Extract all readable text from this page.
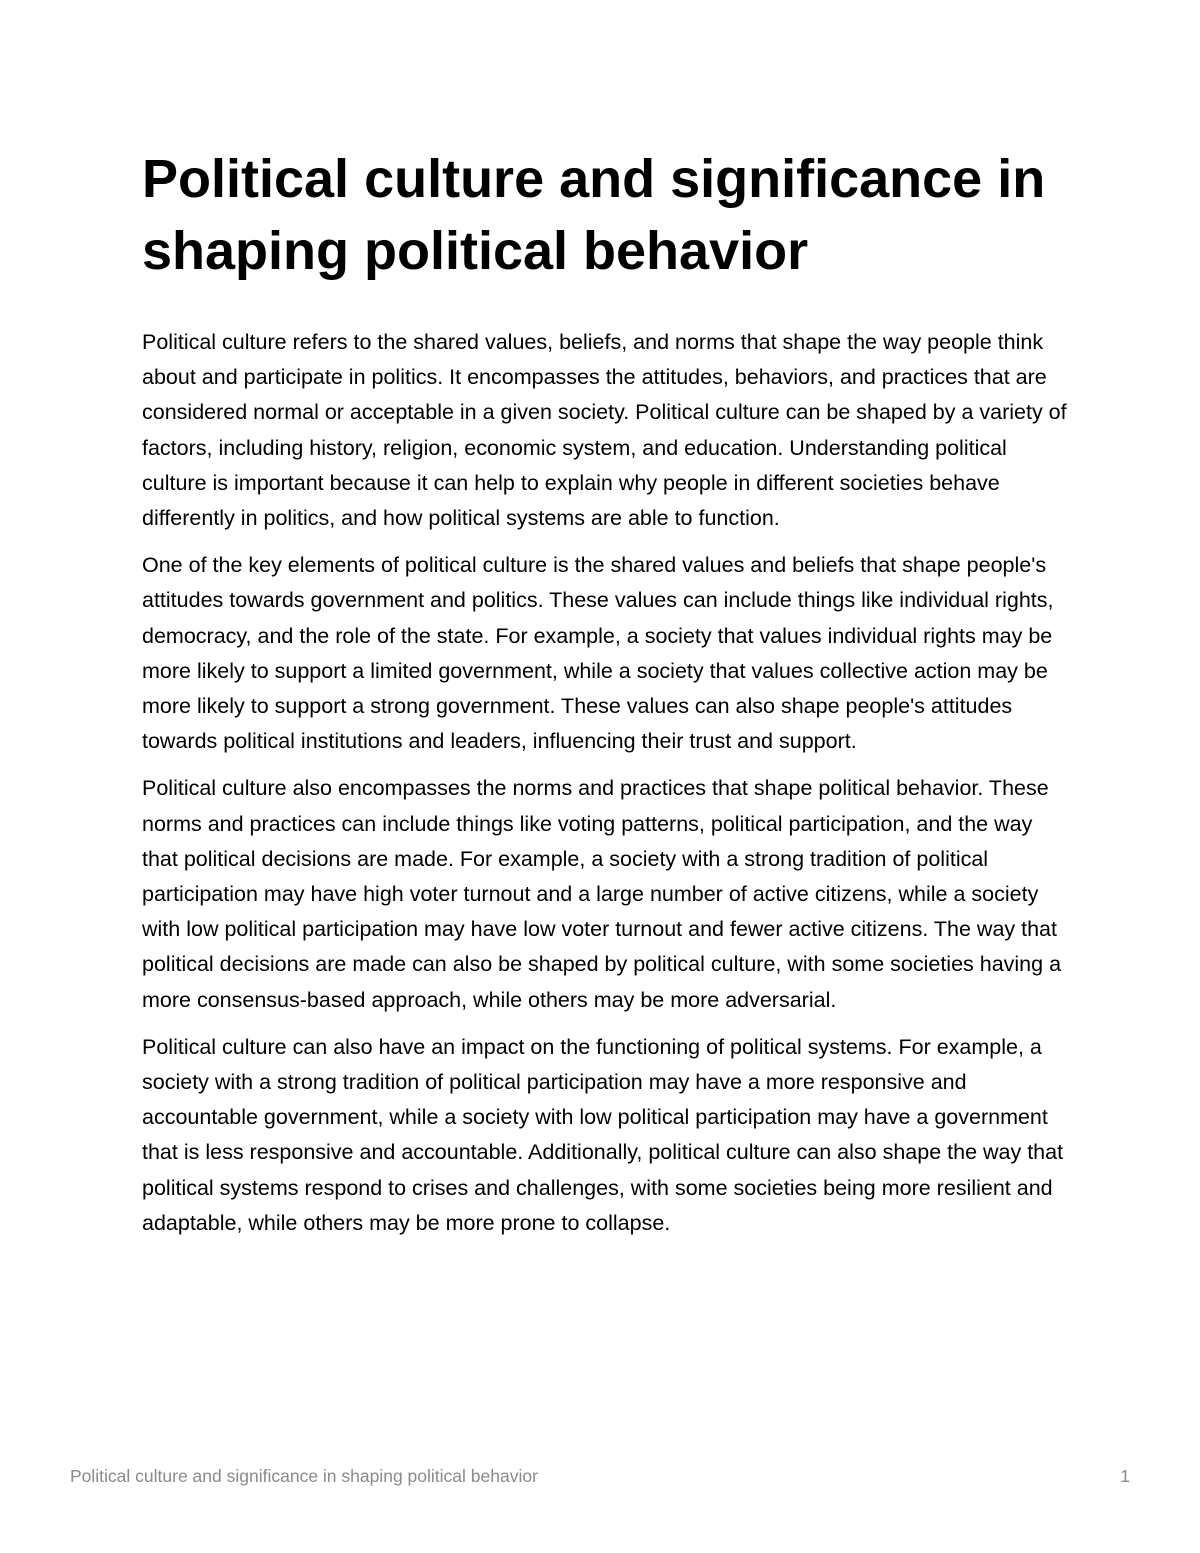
Political culture and significance in shaping political behavior

Political culture refers to the shared values, beliefs, and norms that shape the way people think about and participate in politics. It encompasses the attitudes, behaviors, and practices that are considered normal or acceptable in a given society. Political culture can be shaped by a variety of factors, including history, religion, economic system, and education. Understanding political culture is important because it can help to explain why people in different societies behave differently in politics, and how political systems are able to function.

One of the key elements of political culture is the shared values and beliefs that shape people's attitudes towards government and politics. These values can include things like individual rights, democracy, and the role of the state. For example, a society that values individual rights may be more likely to support a limited government, while a society that values collective action may be more likely to support a strong government. These values can also shape people's attitudes towards political institutions and leaders, influencing their trust and support.

Political culture also encompasses the norms and practices that shape political behavior. These norms and practices can include things like voting patterns, political participation, and the way that political decisions are made. For example, a society with a strong tradition of political participation may have high voter turnout and a large number of active citizens, while a society with low political participation may have low voter turnout and fewer active citizens. The way that political decisions are made can also be shaped by political culture, with some societies having a more consensus-based approach, while others may be more adversarial.

Political culture can also have an impact on the functioning of political systems. For example, a society with a strong tradition of political participation may have a more responsive and accountable government, while a society with low political participation may have a government that is less responsive and accountable. Additionally, political culture can also shape the way that political systems respond to crises and challenges, with some societies being more resilient and adaptable, while others may be more prone to collapse.

Political culture and significance in shaping political behavior	1
